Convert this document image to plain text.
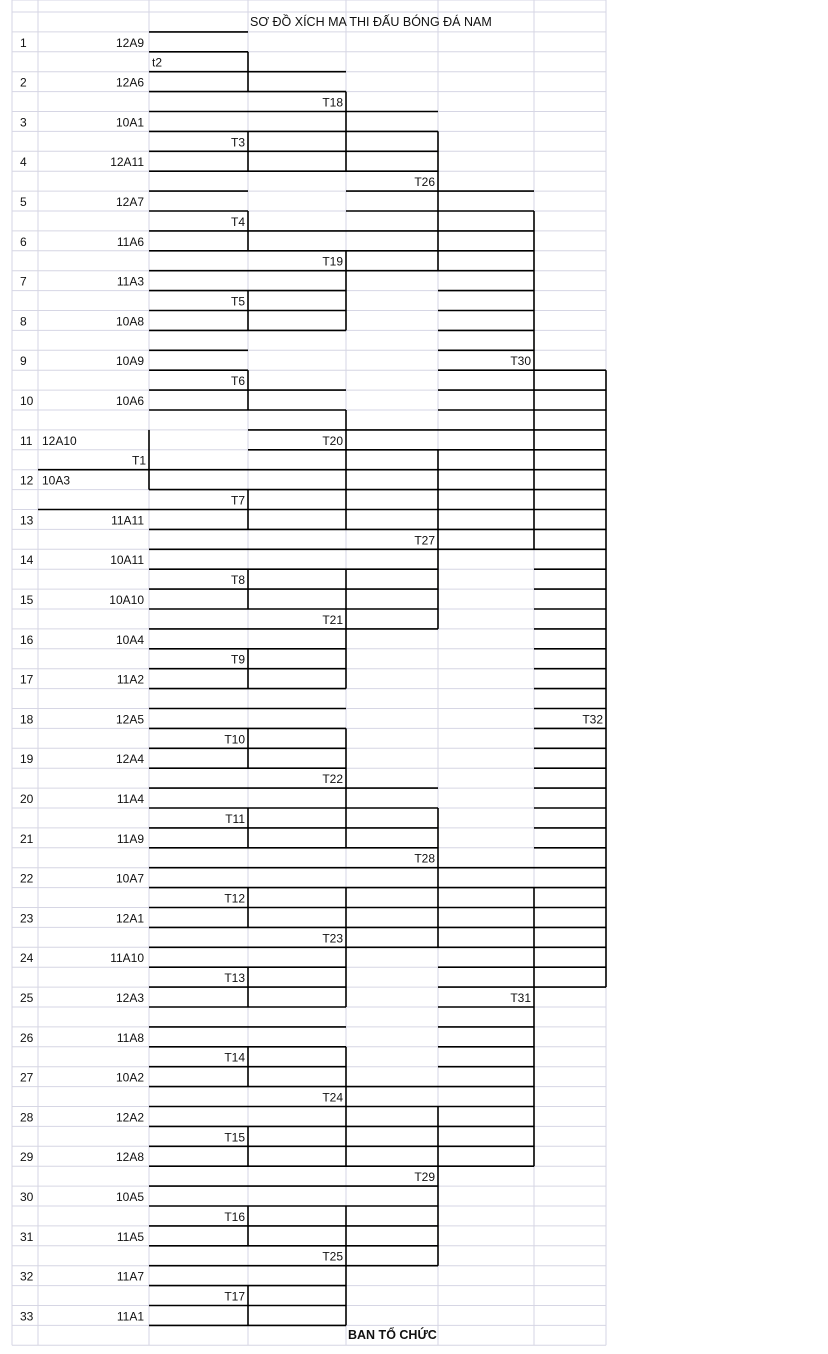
SƠ ĐỒ XÍCH MA THI ĐẤU BÓNG ĐÁ NAM
BAN TỔ CHỨC
1	12A9
2	12A6
3	10A1
4	12A11
5	12A7
6	11A6
7	11A3
8	10A8
9	10A9
10	10A6
11 12A10
12 10A3
13	11A11
14	10A11
15	10A10
16	10A4
17	11A2
18	12A5
19	12A4
20	11A4
21	11A9
22	10A7
23	12A1
24	11A10
25	12A3
26	11A8
27	10A2
28	12A2
29	12A8
30	10A5
31	11A5
32	11A7
33	11A1
t2
T1
T3
T4
T5
T6
T7
T8
T9
T10
T11
T12
T13
T14
T15
T16
T17
T18
T19
T20
T21
T22
T23
T24
T25
T26
T27
T28
T29
T30
T31
T32
